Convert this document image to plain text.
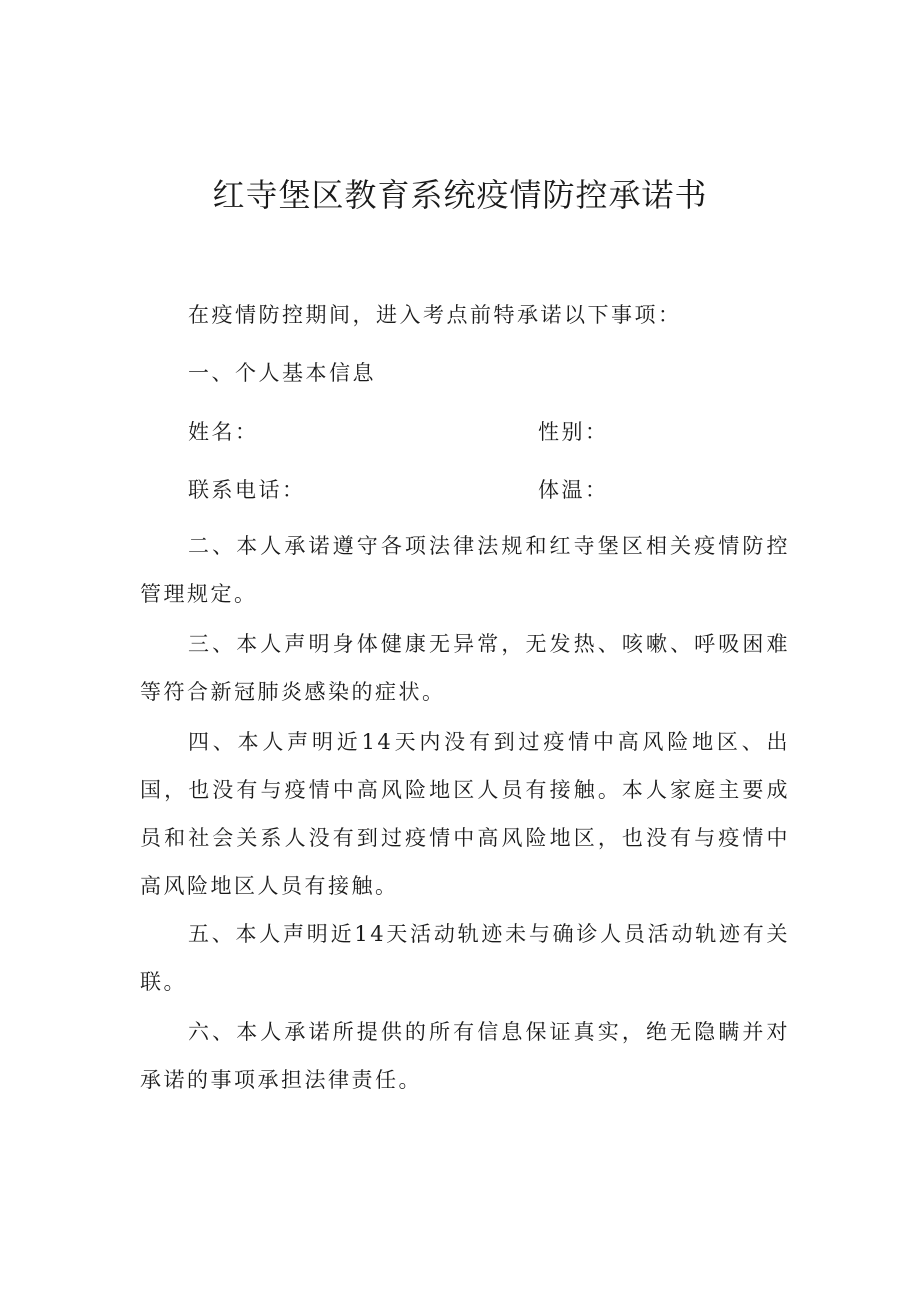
红寺堡区教育系统疫情防控承诺书

在疫情防控期间，进入考点前特承诺以下事项：

一、个人基本信息

姓名：	性别：
联系电话：	体温：

二、本人承诺遵守各项法律法规和红寺堡区相关疫情防控管理规定。

三、本人声明身体健康无异常，无发热、咳嗽、呼吸困难等符合新冠肺炎感染的症状。

四、本人声明近14天内没有到过疫情中高风险地区、出国，也没有与疫情中高风险地区人员有接触。本人家庭主要成员和社会关系人没有到过疫情中高风险地区，也没有与疫情中高风险地区人员有接触。

五、本人声明近14天活动轨迹未与确诊人员活动轨迹有关联。

六、本人承诺所提供的所有信息保证真实，绝无隐瞒并对承诺的事项承担法律责任。
